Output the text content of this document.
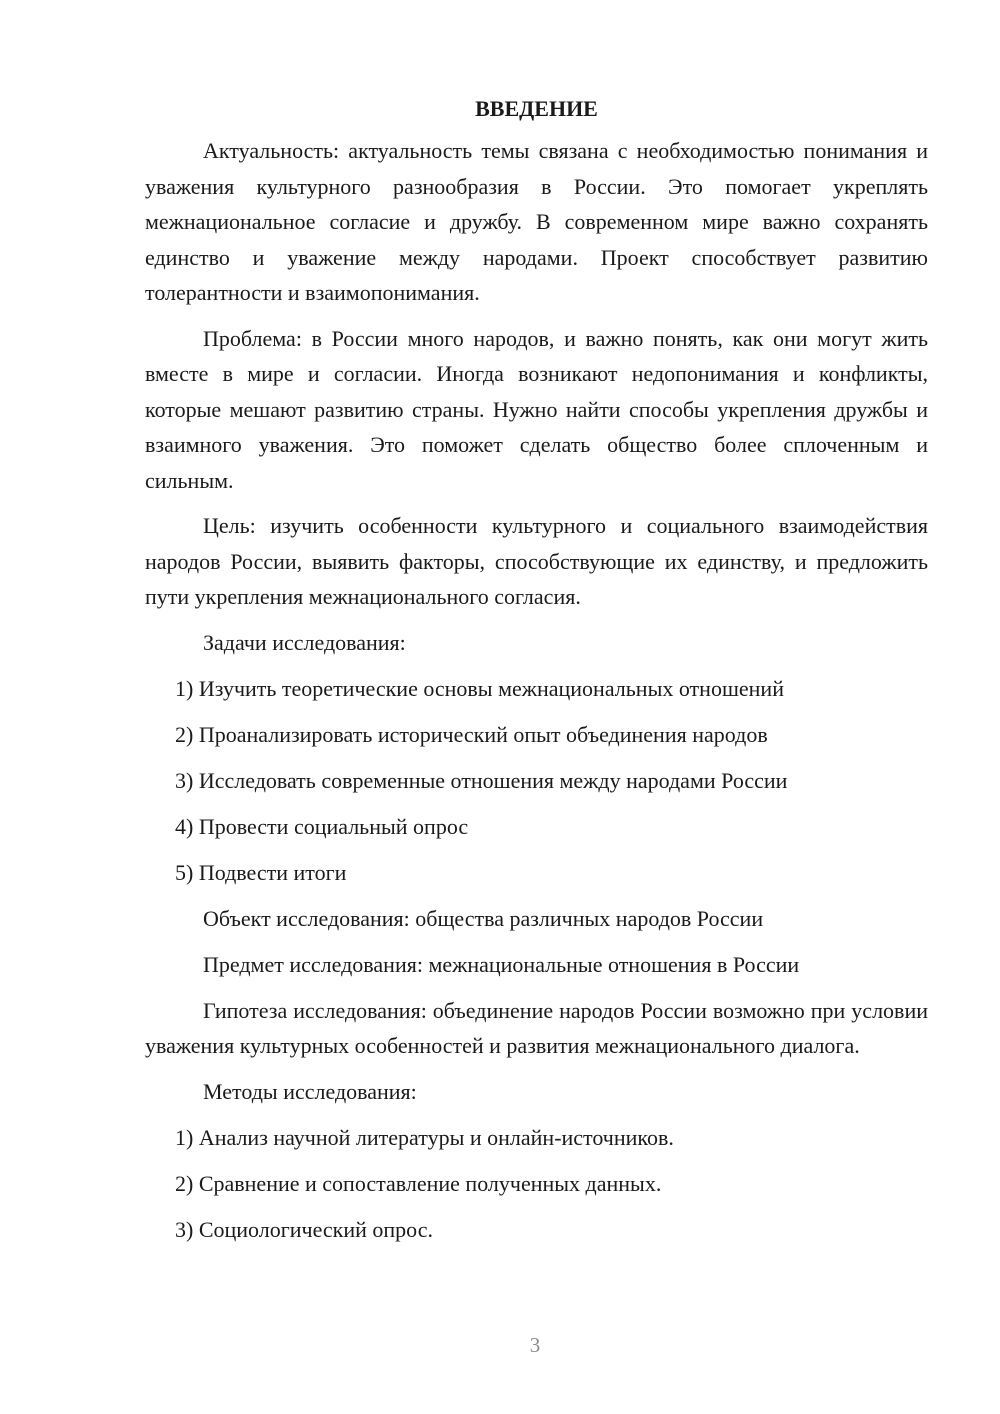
ВВЕДЕНИЕ

Актуальность: актуальность темы связана с необходимостью понимания и уважения культурного разнообразия в России. Это помогает укреплять межнациональное согласие и дружбу. В современном мире важно сохранять единство и уважение между народами. Проект способствует развитию толерантности и взаимопонимания.

Проблема: в России много народов, и важно понять, как они могут жить вместе в мире и согласии. Иногда возникают недопонимания и конфликты, которые мешают развитию страны. Нужно найти способы укрепления дружбы и взаимного уважения. Это поможет сделать общество более сплоченным и сильным.

Цель: изучить особенности культурного и социального взаимодействия народов России, выявить факторы, способствующие их единству, и предложить пути укрепления межнационального согласия.

Задачи исследования:

1) Изучить теоретические основы межнациональных отношений

2) Проанализировать исторический опыт объединения народов

3) Исследовать современные отношения между народами России

4) Провести социальный опрос

5) Подвести итоги

Объект исследования: общества различных народов России

Предмет исследования: межнациональные отношения в России

Гипотеза исследования: объединение народов России возможно при условии уважения культурных особенностей и развития межнационального диалога.

Методы исследования:

1) Анализ научной литературы и онлайн-источников.

2) Сравнение и сопоставление полученных данных.

3) Социологический опрос.

3
